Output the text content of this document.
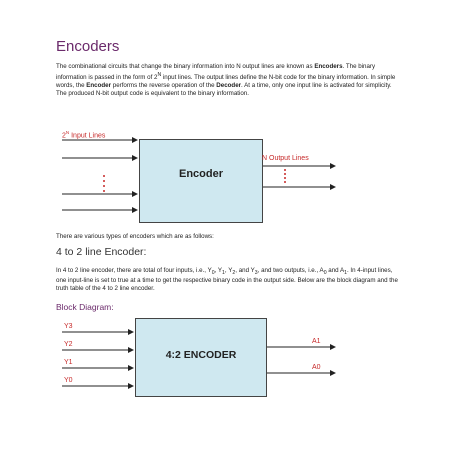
Encoders

The combinational circuits that change the binary information into N output lines are known as Encoders. The binary information is passed in the form of $2^N$ input lines. The output lines define the N-bit code for the binary information. In simple words, the Encoder performs the reverse operation of the Decoder. At a time, only one input line is activated for simplicity. The produced N-bit output code is equivalent to the binary information.

Encoder
$2^N$ Input Lines
N Output Lines

There are various types of encoders which are as follows:

4 to 2 line Encoder:

In 4 to 2 line encoder, there are total of four inputs, i.e., $Y_0$, $Y_1$, $Y_2$, and $Y_3$, and two outputs, i.e., $A_0$ and $A_1$. In 4-input lines, one input-line is set to true at a time to get the respective binary code in the output side. Below are the block diagram and the truth table of the 4 to 2 line encoder.

Block Diagram:
4:2 ENCODER
Y3
Y2
Y1
Y0
A1
A0
